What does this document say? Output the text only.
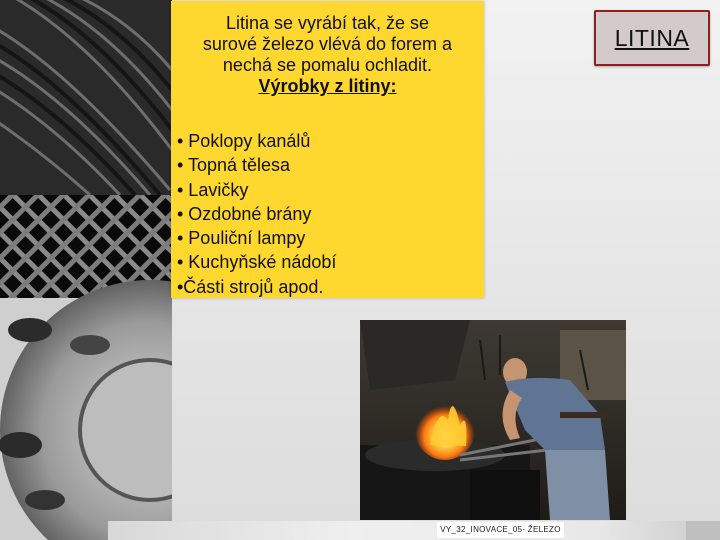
Litina se vyrábí tak, že se
surové železo vlévá do forem a
nechá se pomalu ochladit.
Výrobky z litiny:
• Poklopy kanálů
• Topná tělesa
• Lavičky
• Ozdobné brány
• Pouliční lampy
• Kuchyňské nádobí
•Části strojů apod.
LITINA
VY_32_INOVACE_05- ŽELEZO
